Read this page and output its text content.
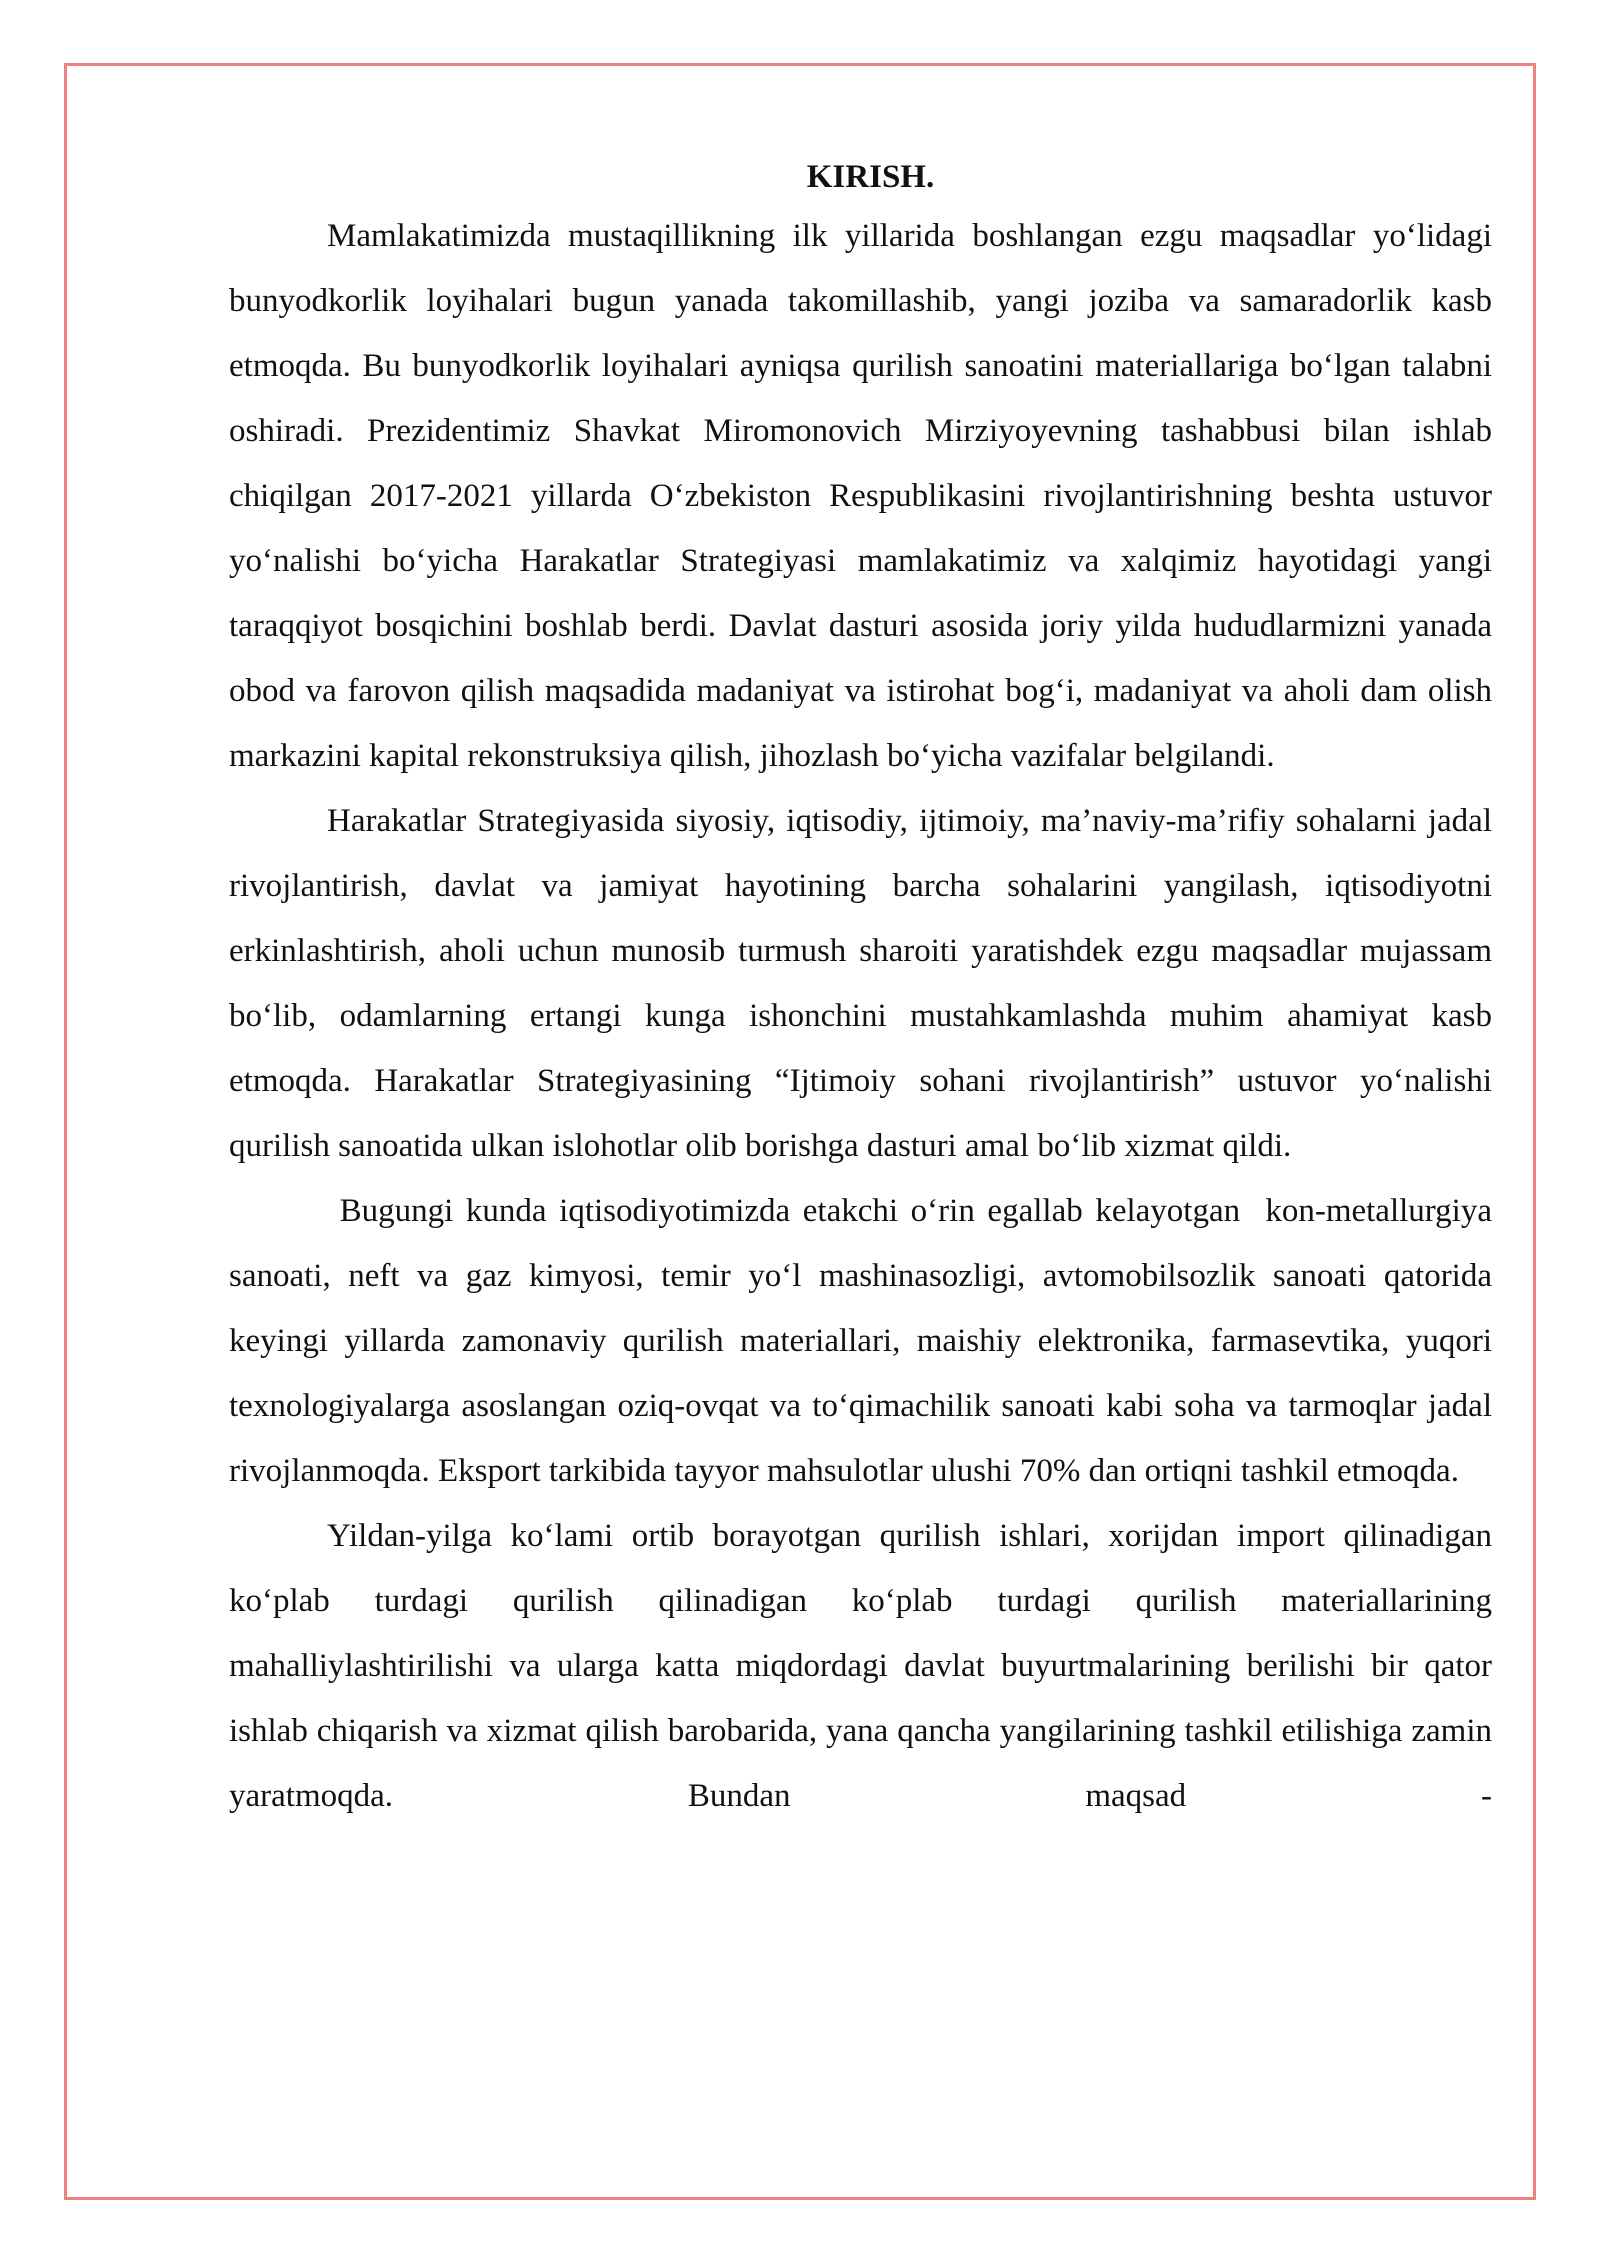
KIRISH.

Mamlakatimizda mustaqillikning ilk yillarida boshlangan ezgu maqsadlar yo‘lidagi bunyodkorlik loyihalari bugun yanada takomillashib, yangi joziba va samaradorlik kasb etmoqda. Bu bunyodkorlik loyihalari ayniqsa qurilish sanoatini materiallariga bo‘lgan talabni oshiradi. Prezidentimiz Shavkat Miromonovich Mirziyoyevning tashabbusi bilan ishlab chiqilgan 2017-2021 yillarda O‘zbekiston Respublikasini rivojlantirishning beshta ustuvor yo‘nalishi bo‘yicha Harakatlar Strategiyasi mamlakatimiz va xalqimiz hayotidagi yangi taraqqiyot bosqichini boshlab berdi. Davlat dasturi asosida joriy yilda hududlarmizni yanada obod va farovon qilish maqsadida madaniyat va istirohat bog‘i, madaniyat va aholi dam olish markazini kapital rekonstruksiya qilish, jihozlash bo‘yicha vazifalar belgilandi.

Harakatlar Strategiyasida siyosiy, iqtisodiy, ijtimoiy, ma’naviy-ma’rifiy sohalarni jadal rivojlantirish, davlat va jamiyat hayotining barcha sohalarini yangilash, iqtisodiyotni erkinlashtirish, aholi uchun munosib turmush sharoiti yaratishdek ezgu maqsadlar mujassam bo‘lib, odamlarning ertangi kunga ishonchini mustahkamlashda muhim ahamiyat kasb etmoqda. Harakatlar Strategiyasining “Ijtimoiy sohani rivojlantirish” ustuvor yo‘nalishi qurilish sanoatida ulkan islohotlar olib borishga dasturi amal bo‘lib xizmat qildi.

Bugungi kunda iqtisodiyotimizda etakchi o‘rin egallab kelayotgan  kon-metallurgiya sanoati, neft va gaz kimyosi, temir yo‘l mashinasozligi, avtomobilsozlik sanoati qatorida keyingi yillarda zamonaviy qurilish materiallari, maishiy elektronika, farmasevtika, yuqori texnologiyalarga asoslangan oziq-ovqat va to‘qimachilik sanoati kabi soha va tarmoqlar jadal rivojlanmoqda. Eksport tarkibida tayyor mahsulotlar ulushi 70% dan ortiqni tashkil etmoqda.

Yildan-yilga ko‘lami ortib borayotgan qurilish ishlari, xorijdan import qilinadigan ko‘plab turdagi qurilish qilinadigan ko‘plab turdagi qurilish materiallarining mahalliylashtirilishi va ularga katta miqdordagi davlat buyurtmalarining berilishi bir qator ishlab chiqarish va xizmat qilish barobarida, yana qancha yangilarining tashkil etilishiga zamin yaratmoqda. Bundan maqsad -
